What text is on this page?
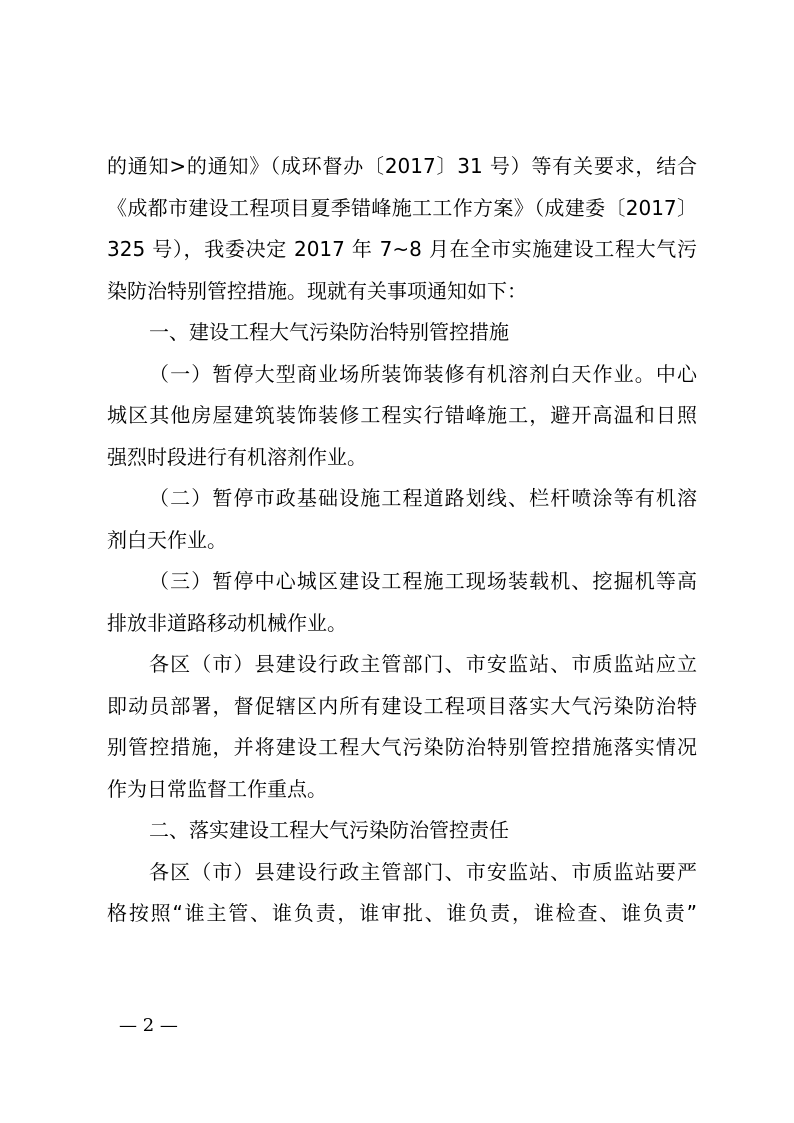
的通知>的通知》（成环督办〔2017〕31 号）等有关要求，结合
《成都市建设工程项目夏季错峰施工工作方案》（成建委〔2017〕
325 号），我委决定 2017 年 7~8 月在全市实施建设工程大气污
染防治特别管控措施。现就有关事项通知如下：
一、建设工程大气污染防治特别管控措施
（一）暂停大型商业场所装饰装修有机溶剂白天作业。中心
城区其他房屋建筑装饰装修工程实行错峰施工，避开高温和日照
强烈时段进行有机溶剂作业。
（二）暂停市政基础设施工程道路划线、栏杆喷涂等有机溶
剂白天作业。
（三）暂停中心城区建设工程施工现场装载机、挖掘机等高
排放非道路移动机械作业。
各区（市）县建设行政主管部门、市安监站、市质监站应立
即动员部署，督促辖区内所有建设工程项目落实大气污染防治特
别管控措施，并将建设工程大气污染防治特别管控措施落实情况
作为日常监督工作重点。
二、落实建设工程大气污染防治管控责任
各区（市）县建设行政主管部门、市安监站、市质监站要严
格按照“谁主管、谁负责，谁审批、谁负责，谁检查、谁负责”
— 2 —
